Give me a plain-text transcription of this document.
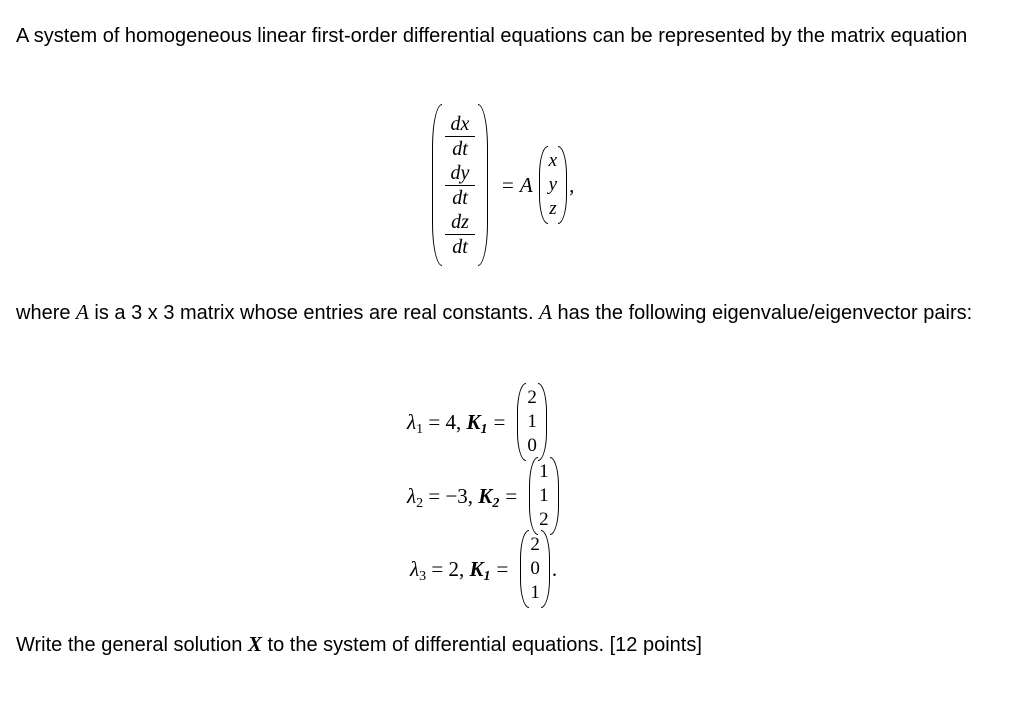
A system of homogeneous linear first-order differential equations can be represented by the matrix equation
$\frac{dx}{dt}$
$\frac{dy}{dt}$
$\frac{dz}{dt}$
= A
x
y
z
,
where A is a 3 x 3 matrix whose entries are real constants. A has the following eigenvalue/eigenvector pairs:
$\lambda_1 = 4$, $K_1$ =
2
1
0
$\lambda_2 = -3$, $K_2$ =
1
1
2
$\lambda_3 = 2$, $K_1$ =
2
0
1
.
Write the general solution X to the system of differential equations. [12 points]
